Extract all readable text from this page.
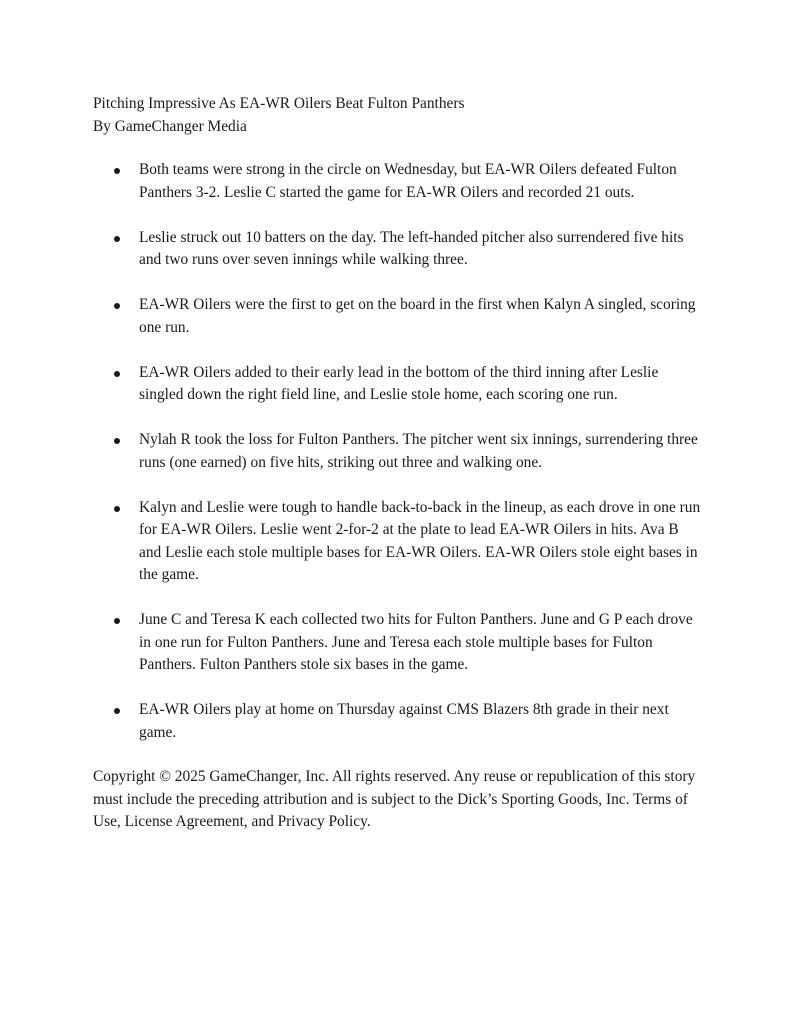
Pitching Impressive As EA-WR Oilers Beat Fulton Panthers
By GameChanger Media
Both teams were strong in the circle on Wednesday, but EA-WR Oilers defeated Fulton Panthers 3-2. Leslie C started the game for EA-WR Oilers and recorded 21 outs.
Leslie struck out 10 batters on the day. The left-handed pitcher also surrendered five hits and two runs over seven innings while walking three.
EA-WR Oilers were the first to get on the board in the first when Kalyn A singled, scoring one run.
EA-WR Oilers added to their early lead in the bottom of the third inning after Leslie singled down the right field line, and Leslie stole home, each scoring one run.
Nylah R took the loss for Fulton Panthers. The pitcher went six innings, surrendering three runs (one earned) on five hits, striking out three and walking one.
Kalyn and Leslie were tough to handle back-to-back in the lineup, as each drove in one run for EA-WR Oilers. Leslie went 2-for-2 at the plate to lead EA-WR Oilers in hits. Ava B and Leslie each stole multiple bases for EA-WR Oilers. EA-WR Oilers stole eight bases in the game.
June C and Teresa K each collected two hits for Fulton Panthers. June and G P each drove in one run for Fulton Panthers. June and Teresa each stole multiple bases for Fulton Panthers. Fulton Panthers stole six bases in the game.
EA-WR Oilers play at home on Thursday against CMS Blazers 8th grade in their next game.

Copyright © 2025 GameChanger, Inc. All rights reserved. Any reuse or republication of this story must include the preceding attribution and is subject to the Dick’s Sporting Goods, Inc. Terms of Use, License Agreement, and Privacy Policy.
